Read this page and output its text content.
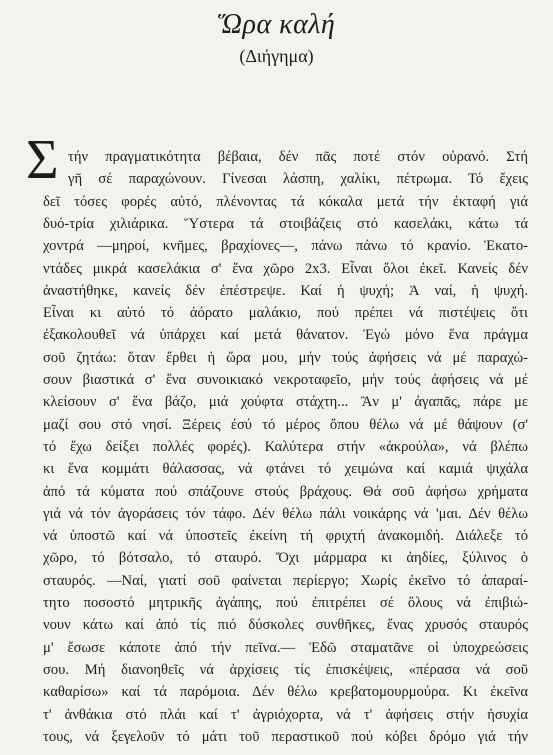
Ὥρα καλή
(Διήγημα)
Σ τήν πραγματικότητα βέβαια, δέν πᾶς ποτέ στόν οὐρανό. Στή
γῆ σέ παραχώνουν. Γίνεσαι λάσπη, χαλίκι, πέτρωμα. Τό ἔχεις
δεῖ τόσες φορές αὐτό, πλένοντας τά κόκαλα μετά τήν ἐκταφή γιά
δυό-τρία χιλιάρικα. Ὕστερα τά στοιβάζεις στό κασελάκι, κάτω τά
χοντρά —μηροί, κνῆμες, βραχίονες—, πάνω πάνω τό κρανίο. Ἑκατο-
ντάδες μικρά κασελάκια σ' ἕνα χῶρο 2x3. Εἶναι ὅλοι ἐκεῖ. Κανείς δέν
ἀναστήθηκε, κανείς δέν ἐπέστρεψε. Καί ἡ ψυχή; Ἀ ναί, ἡ ψυχή.
Εἶναι κι αὐτό τό ἀόρατο μαλάκιο, πού πρέπει νά πιστέψεις ὅτι
ἐξακολουθεῖ νά ὑπάρχει καί μετά θάνατον. Ἐγώ μόνο ἕνα πράγμα
σοῦ ζητάω: ὅταν ἔρθει ἡ ὥρα μου, μήν τούς ἀφήσεις νά μέ παραχώ-
σουν βιαστικά σ' ἕνα συνοικιακό νεκροταφεῖο, μήν τούς ἀφήσεις νά μέ
κλείσουν σ' ἕνα βάζο, μιά χούφτα στάχτη... Ἂν μ' ἀγαπᾶς, πάρε με
μαζί σου στό νησί. Ξέρεις ἐσύ τό μέρος ὅπου θέλω νά μέ θάψουν (σ'
τό ἔχω δείξει πολλές φορές). Καλύτερα στήν «ἀκρούλα», νά βλέπω
κι ἕνα κομμάτι θάλασσας, νά φτάνει τό χειμώνα καί καμιά ψιχάλα
ἀπό τά κύματα πού σπάζουνε στούς βράχους. Θά σοῦ ἀφήσω χρήματα
γιά νά τόν ἀγοράσεις τόν τάφο. Δέν θέλω πάλι νοικάρης νά 'μαι. Δέν θέλω
νά ὑποστῶ καί νά ὑποστεῖς ἐκείνη τή φριχτή ἀνακομιδή. Διάλεξε τό
χῶρο, τό βότσαλο, τό σταυρό. Ὄχι μάρμαρα κι ἀηδίες, ξύλινος ὁ
σταυρός. —Ναί, γιατί σοῦ φαίνεται περίεργο; Χωρίς ἐκεῖνο τό ἀπαραί-
τητο ποσοστό μητρικῆς ἀγάπης, πού ἐπιτρέπει σέ ὅλους νά ἐπιβιώ-
νουν κάτω καί ἀπό τίς πιό δύσκολες συνθῆκες, ἕνας χρυσός σταυρός
μ' ἔσωσε κάποτε ἀπό τήν πεῖνα.— Ἐδῶ σταματᾶνε οἱ ὑποχρεώσεις
σου. Μή διανοηθεῖς νά ἀρχίσεις τίς ἐπισκέψεις, «πέρασα νά σοῦ
καθαρίσω» καί τά παρόμοια. Δέν θέλω κρεβατομουρμούρα. Κι ἐκεῖνα
τ' ἀνθάκια στό πλάι καί τ' ἀγριόχορτα, νά τ' ἀφήσεις στήν ἡσυχία
τους, νά ξεγελοῦν τό μάτι τοῦ περαστικοῦ πού κόβει δρόμο γιά τήν
